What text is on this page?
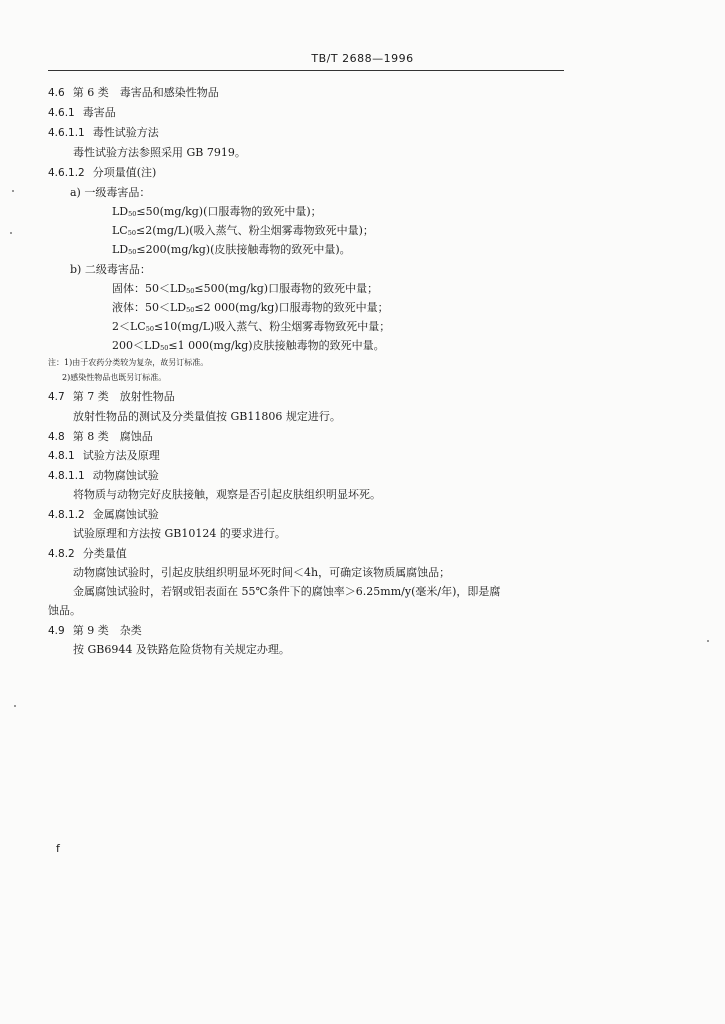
TB/T 2688—1996
4.6 第 6 类　毒害品和感染性物品
4.6.1 毒害品
4.6.1.1 毒性试验方法
毒性试验方法参照采用 GB 7919。
4.6.1.2 分项量值(注)
a) 一级毒害品：
LD50≤50(mg/kg)(口服毒物的致死中量)；
LC50≤2(mg/L)(吸入蒸气、粉尘烟雾毒物致死中量)；
LD50≤200(mg/kg)(皮肤接触毒物的致死中量)。
b) 二级毒害品：
固体：50＜LD50≤500(mg/kg)口服毒物的致死中量；
液体：50＜LD50≤2 000(mg/kg)口服毒物的致死中量；
2＜LC50≤10(mg/L)吸入蒸气、粉尘烟雾毒物致死中量；
200＜LD50≤1 000(mg/kg)皮肤接触毒物的致死中量。
注：1)由于农药分类较为复杂，故另订标准。
2)感染性物品也既另订标准。
4.7 第 7 类　放射性物品
放射性物品的测试及分类量值按 GB11806 规定进行。
4.8 第 8 类　腐蚀品
4.8.1 试验方法及原理
4.8.1.1 动物腐蚀试验
将物质与动物完好皮肤接触，观察是否引起皮肤组织明显坏死。
4.8.1.2 金属腐蚀试验
试验原理和方法按 GB10124 的要求进行。
4.8.2 分类量值
动物腐蚀试验时，引起皮肤组织明显坏死时间＜4h，可确定该物质属腐蚀品；
金属腐蚀试验时，若钢或铝表面在 55℃条件下的腐蚀率＞6.25mm/y(毫米/年)，即是腐
蚀品。
4.9 第 9 类　杂类
按 GB6944 及铁路危险货物有关规定办理。
f
